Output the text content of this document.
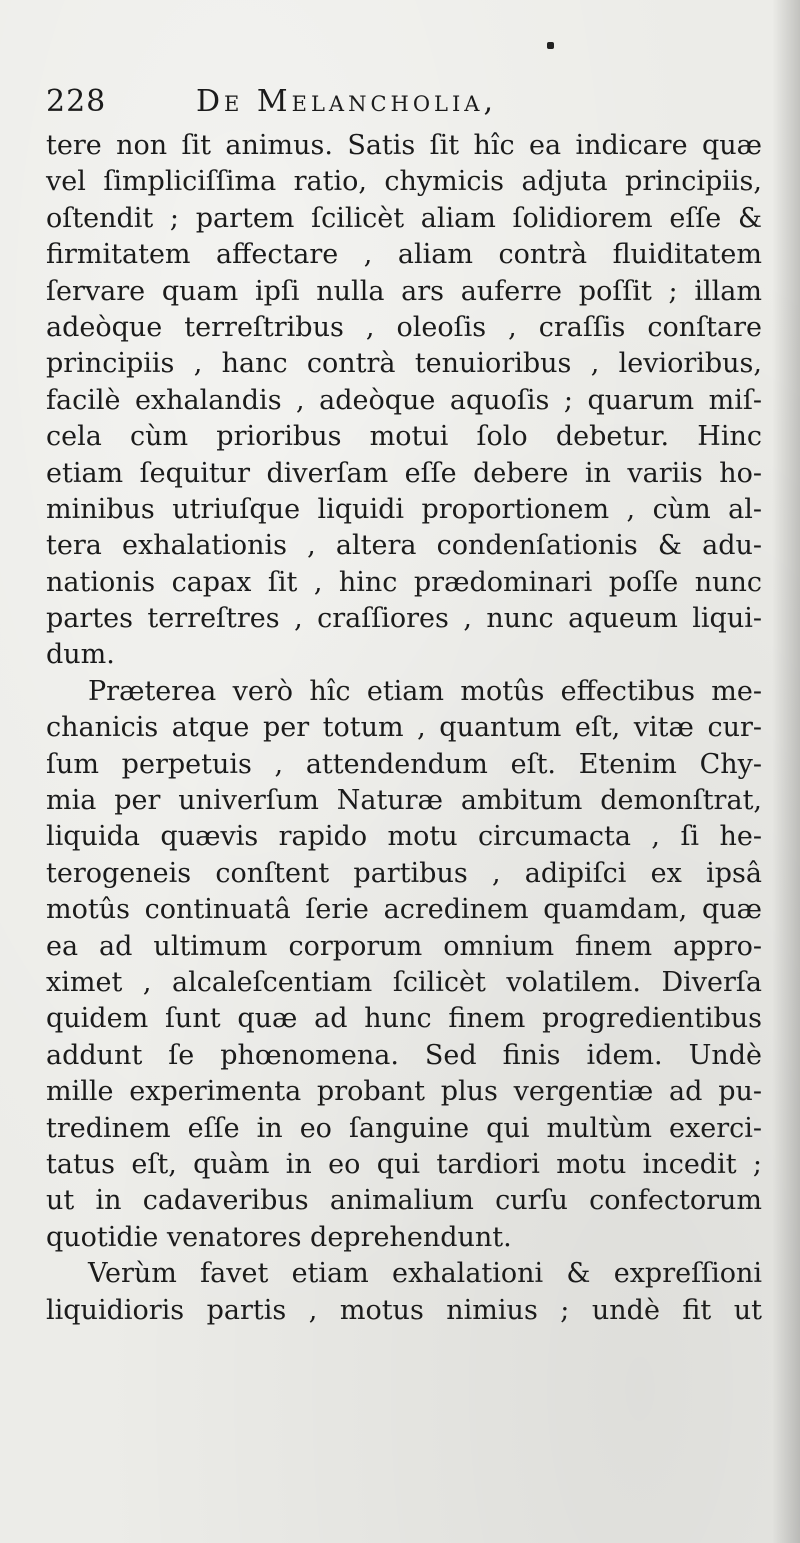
228	De Melancholia,
tere non ſit animus. Satis ſit hîc ea indicare quæ
vel ſimpliciſſima ratio, chymicis adjuta principiis,
oſtendit ; partem ſcilicèt aliam ſolidiorem eſſe &
firmitatem affectare , aliam contrà fluiditatem
ſervare quam ipſi nulla ars auferre poſſit ; illam
adeòque terreſtribus , oleoſis , craſſis conſtare
principiis , hanc contrà tenuioribus , levioribus,
facilè exhalandis , adeòque aquoſis ; quarum miſ-
cela cùm prioribus motui ſolo debetur. Hinc
etiam ſequitur diverſam eſſe debere in variis ho-
minibus utriuſque liquidi proportionem , cùm al-
tera exhalationis , altera condenſationis & adu-
nationis capax ſit , hinc prædominari poſſe nunc
partes terreſtres , craſſiores , nunc aqueum liqui-
dum.
Præterea verò hîc etiam motûs effectibus me-
chanicis atque per totum , quantum eſt, vitæ cur-
ſum perpetuis , attendendum eſt. Etenim Chy-
mia per univerſum Naturæ ambitum demonſtrat,
liquida quævis rapido motu circumacta , ſi he-
terogeneis conſtent partibus , adipiſci ex ipsâ
motûs continuatâ ſerie acredinem quamdam, quæ
ea ad ultimum corporum omnium finem appro-
ximet , alcaleſcentiam ſcilicèt volatilem. Diverſa
quidem ſunt quæ ad hunc finem progredientibus
addunt ſe phœnomena. Sed finis idem. Undè
mille experimenta probant plus vergentiæ ad pu-
tredinem eſſe in eo ſanguine qui multùm exerci-
tatus eſt, quàm in eo qui tardiori motu incedit ;
ut in cadaveribus animalium curſu confectorum
quotidie venatores deprehendunt.
Verùm favet etiam exhalationi & expreſſioni
liquidioris partis , motus nimius ; undè fit ut
